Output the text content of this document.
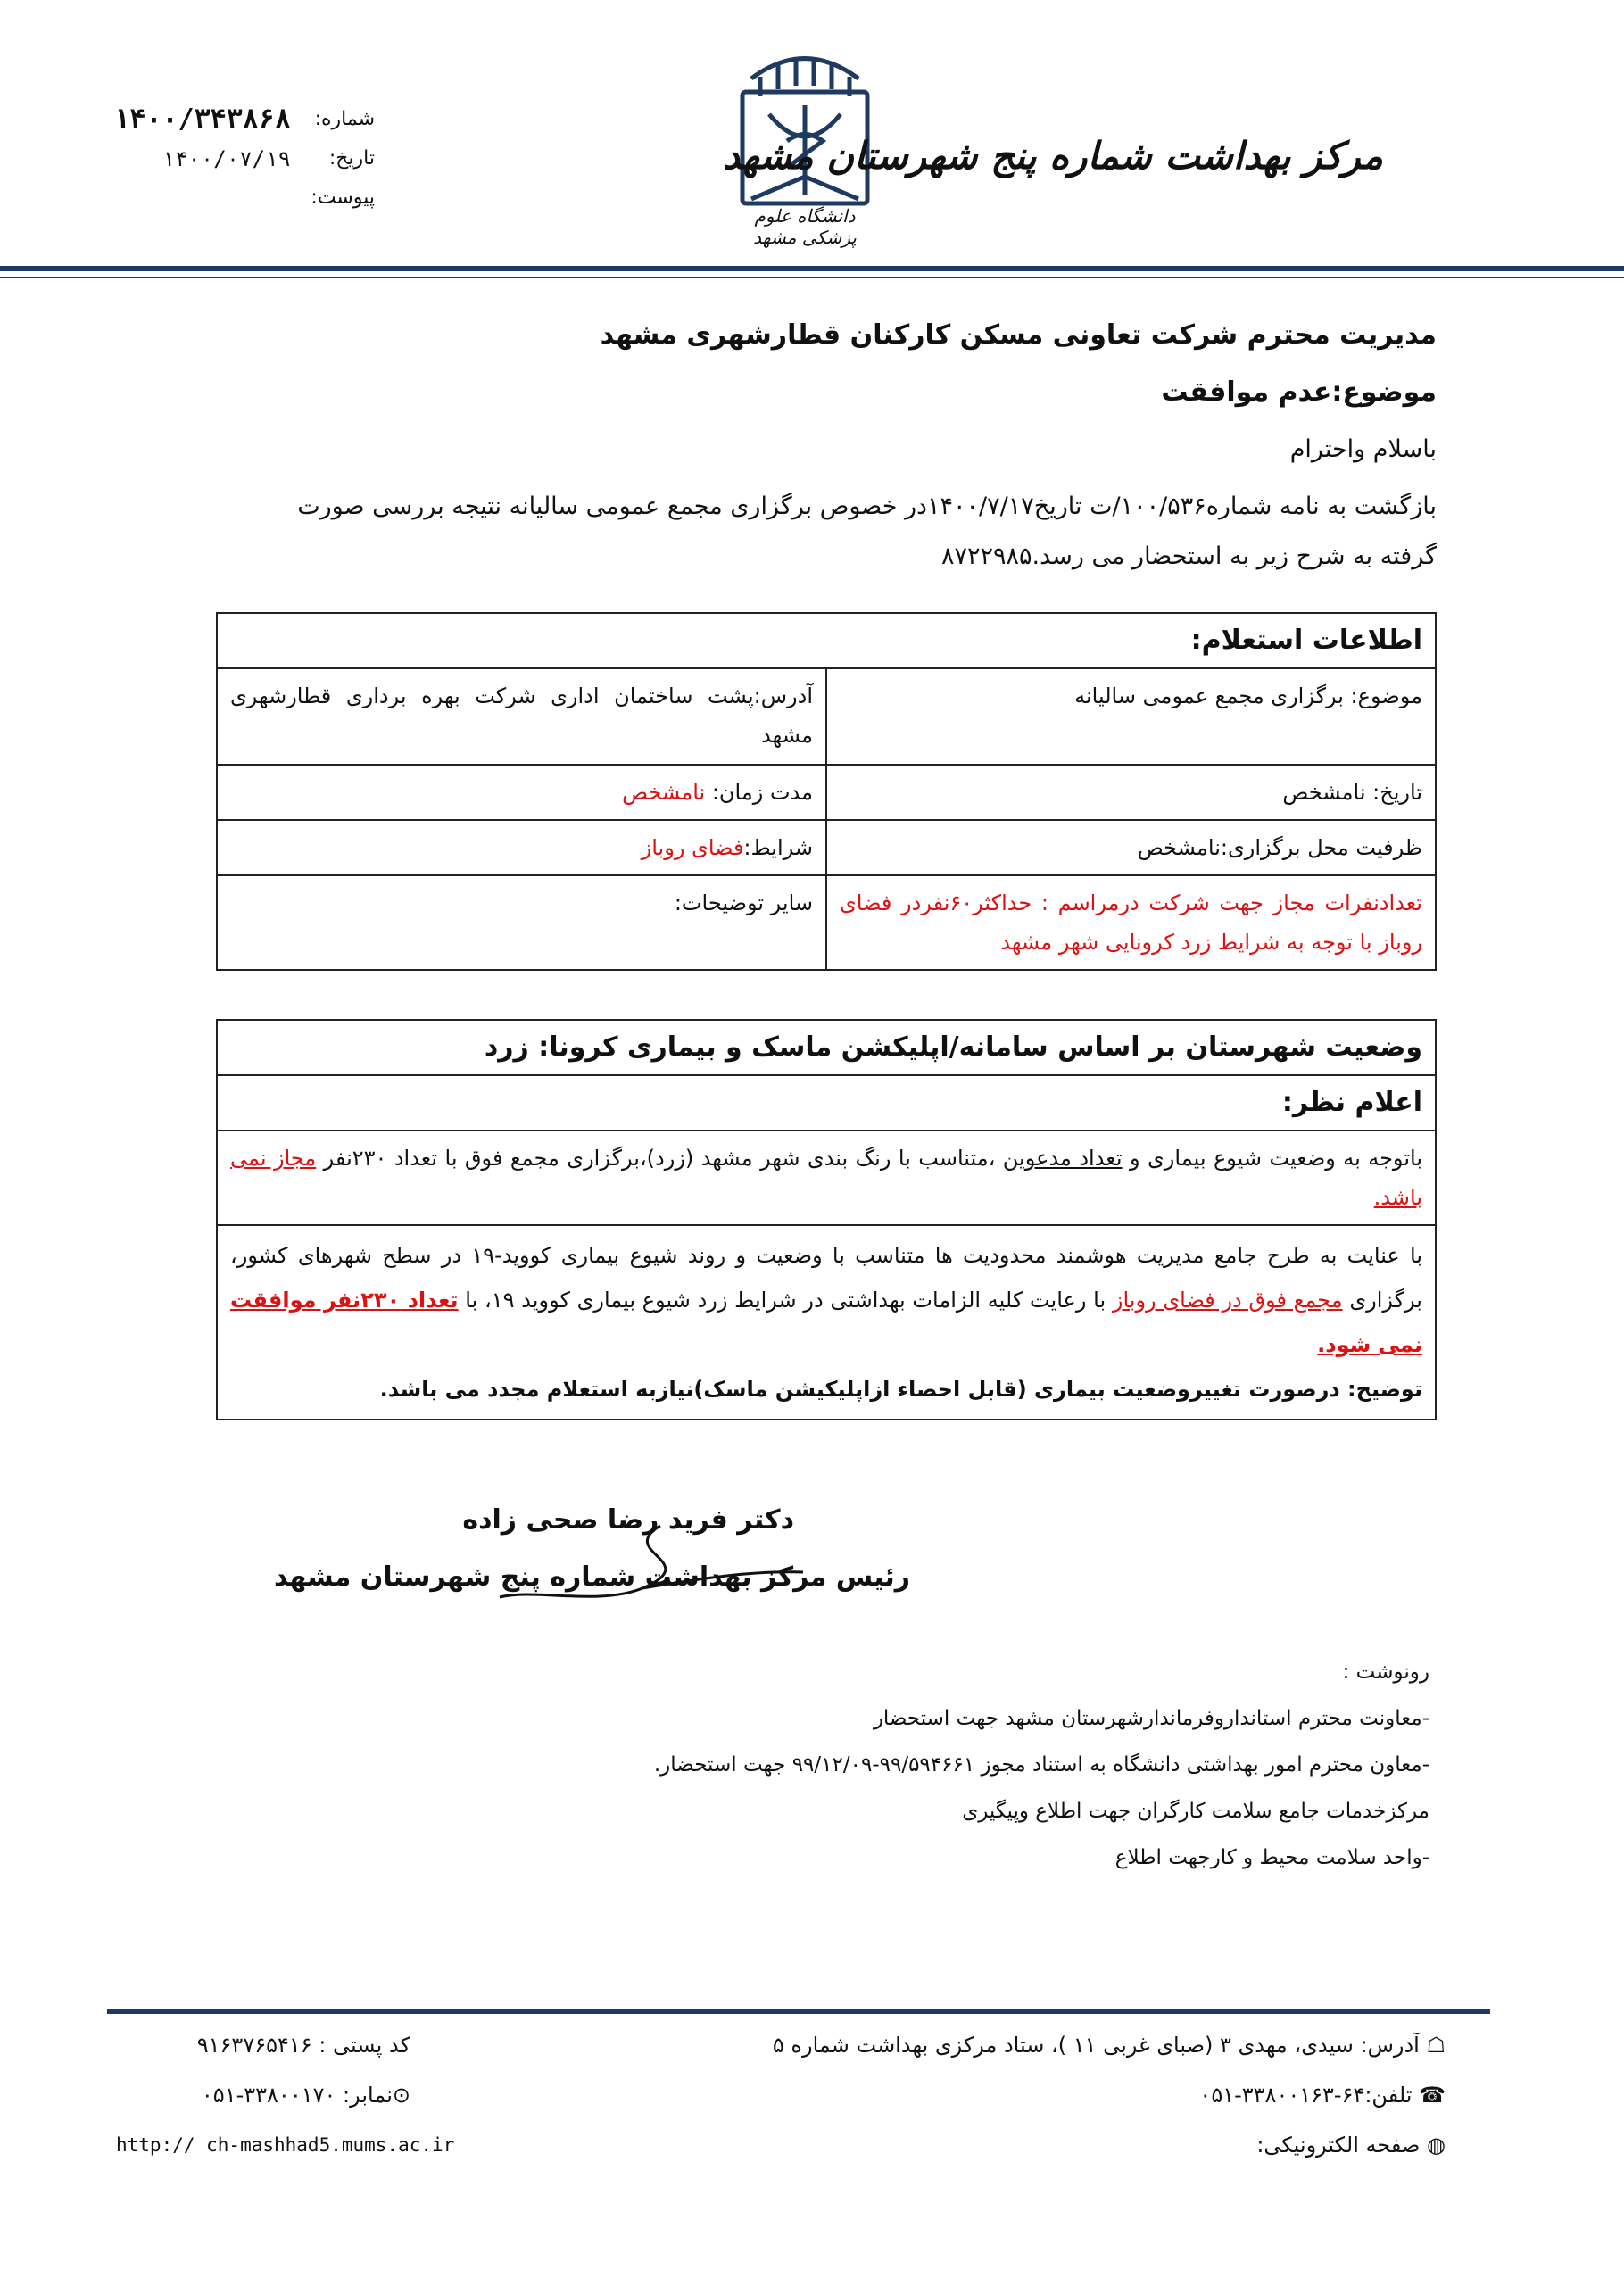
شماره:
۱۴۰۰/۳۴۳۸۶۸
تاریخ:
۱۴۰۰/۰۷/۱۹
پیوست:
دانشگاه علوم پزشکی مشهد
مرکز بهداشت شماره پنج شهرستان مشهد
مدیریت محترم شرکت تعاونی مسکن کارکنان قطارشهری مشهد
موضوع:عدم موافقت
باسلام واحترام
بازگشت به نامه شماره۱۰۰/۵۳۶/ت تاریخ۱۴۰۰/۷/۱۷در خصوص برگزاری مجمع عمومی سالیانه نتیجه بررسی صورت
گرفته به شرح زیر به استحضار می رسد.۸۷۲۲۹۸۵
اطلاعات استعلام:	
موضوع: برگزاری مجمع عمومی سالیانه	آدرس:پشت ساختمان اداری شرکت بهره برداری قطارشهری مشهد
تاریخ: نامشخص	مدت زمان: نامشخص
ظرفیت محل برگزاری:نامشخص	شرایط:فضای روباز
تعدادنفرات مجاز جهت شرکت درمراسم : حداکثر۶۰نفردر فضای روباز با توجه به شرایط زرد کرونایی شهر مشهد	سایر توضیحات:
وضعیت شهرستان بر اساس سامانه/اپلیکشن ماسک و بیماری کرونا: زرد
اعلام نظر:
باتوجه به وضعیت شیوع بیماری و تعداد مدعوین ،متناسب با رنگ بندی شهر مشهد (زرد)،برگزاری مجمع فوق با تعداد ۲۳۰نفر مجاز نمی باشد.
با عنایت به طرح جامع مدیریت هوشمند محدودیت ها متناسب با وضعیت و روند شیوع بیماری کووید-۱۹ در سطح شهرهای کشور، برگزاری مجمع فوق در فضای روباز با رعایت کلیه الزامات بهداشتی در شرایط زرد شیوع بیماری کووید ۱۹، با تعداد ۲۳۰نفر موافقت نمی شود.
توضیح: درصورت تغییروضعیت بیماری (قابل احصاء ازاپلیکیشن ماسک)نیازبه استعلام مجدد می باشد.
دکتر فرید رضا صحی زاده
رئیس مرکز بهداشت شماره پنج شهرستان مشهد
رونوشت :
-معاونت محترم استانداروفرماندارشهرستان مشهد جهت استحضار
-معاون محترم امور بهداشتی دانشگاه به استناد مجوز ۹۹/۵۹۴۶۶۱-۹۹/۱۲/۰۹ جهت استحضار.
مرکزخدمات جامع سلامت کارگران جهت اطلاع وپیگیری
-واحد سلامت محیط و کارجهت اطلاع
☖ آدرس: سیدی، مهدی ۳ (صبای غربی ۱۱ )، ستاد مرکزی بهداشت شماره ۵
کد پستی : ۹۱۶۳۷۶۵۴۱۶
☎ تلفن:۶۴-۳۳۸۰۰۱۶۳-۰۵۱
⊙نمابر: ۳۳۸۰۰۱۷۰-۰۵۱
◍ صفحه الکترونیکی:
http:// ch-mashhad5.mums.ac.ir
